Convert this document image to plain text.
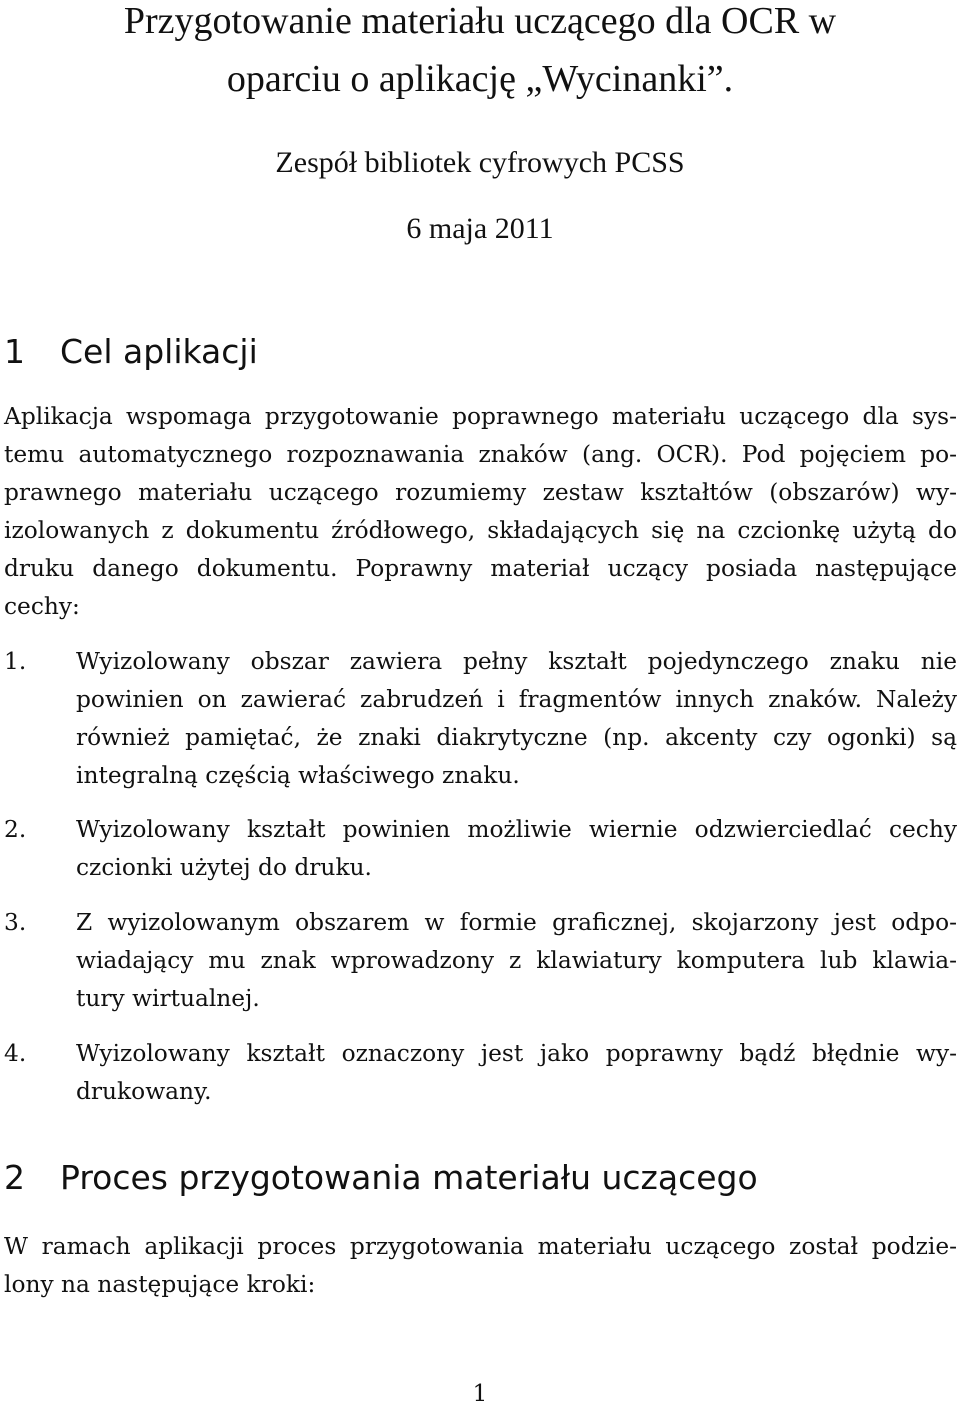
Przygotowanie materiału uczącego dla OCR w
oparciu o aplikację „Wycinanki”.
Zespół bibliotek cyfrowych PCSS
6 maja 2011
1 Cel aplikacji
Aplikacja wspomaga przygotowanie poprawnego materiału uczącego dla sys-
temu automatycznego rozpoznawania znaków (ang. OCR). Pod pojęciem po-
prawnego materiału uczącego rozumiemy zestaw kształtów (obszarów) wy-
izolowanych z dokumentu źródłowego, składających się na czcionkę użytą do
druku danego dokumentu. Poprawny materiał uczący posiada następujące
cechy:
1. Wyizolowany obszar zawiera pełny kształt pojedynczego znaku nie
powinien on zawierać zabrudzeń i fragmentów innych znaków. Należy
również pamiętać, że znaki diakrytyczne (np. akcenty czy ogonki) są
integralną częścią właściwego znaku.
2. Wyizolowany kształt powinien możliwie wiernie odzwierciedlać cechy
czcionki użytej do druku.
3. Z wyizolowanym obszarem w formie graficznej, skojarzony jest odpo-
wiadający mu znak wprowadzony z klawiatury komputera lub klawia-
tury wirtualnej.
4. Wyizolowany kształt oznaczony jest jako poprawny bądź błędnie wy-
drukowany.
2 Proces przygotowania materiału uczącego
W ramach aplikacji proces przygotowania materiału uczącego został podzie-
lony na następujące kroki:
1
